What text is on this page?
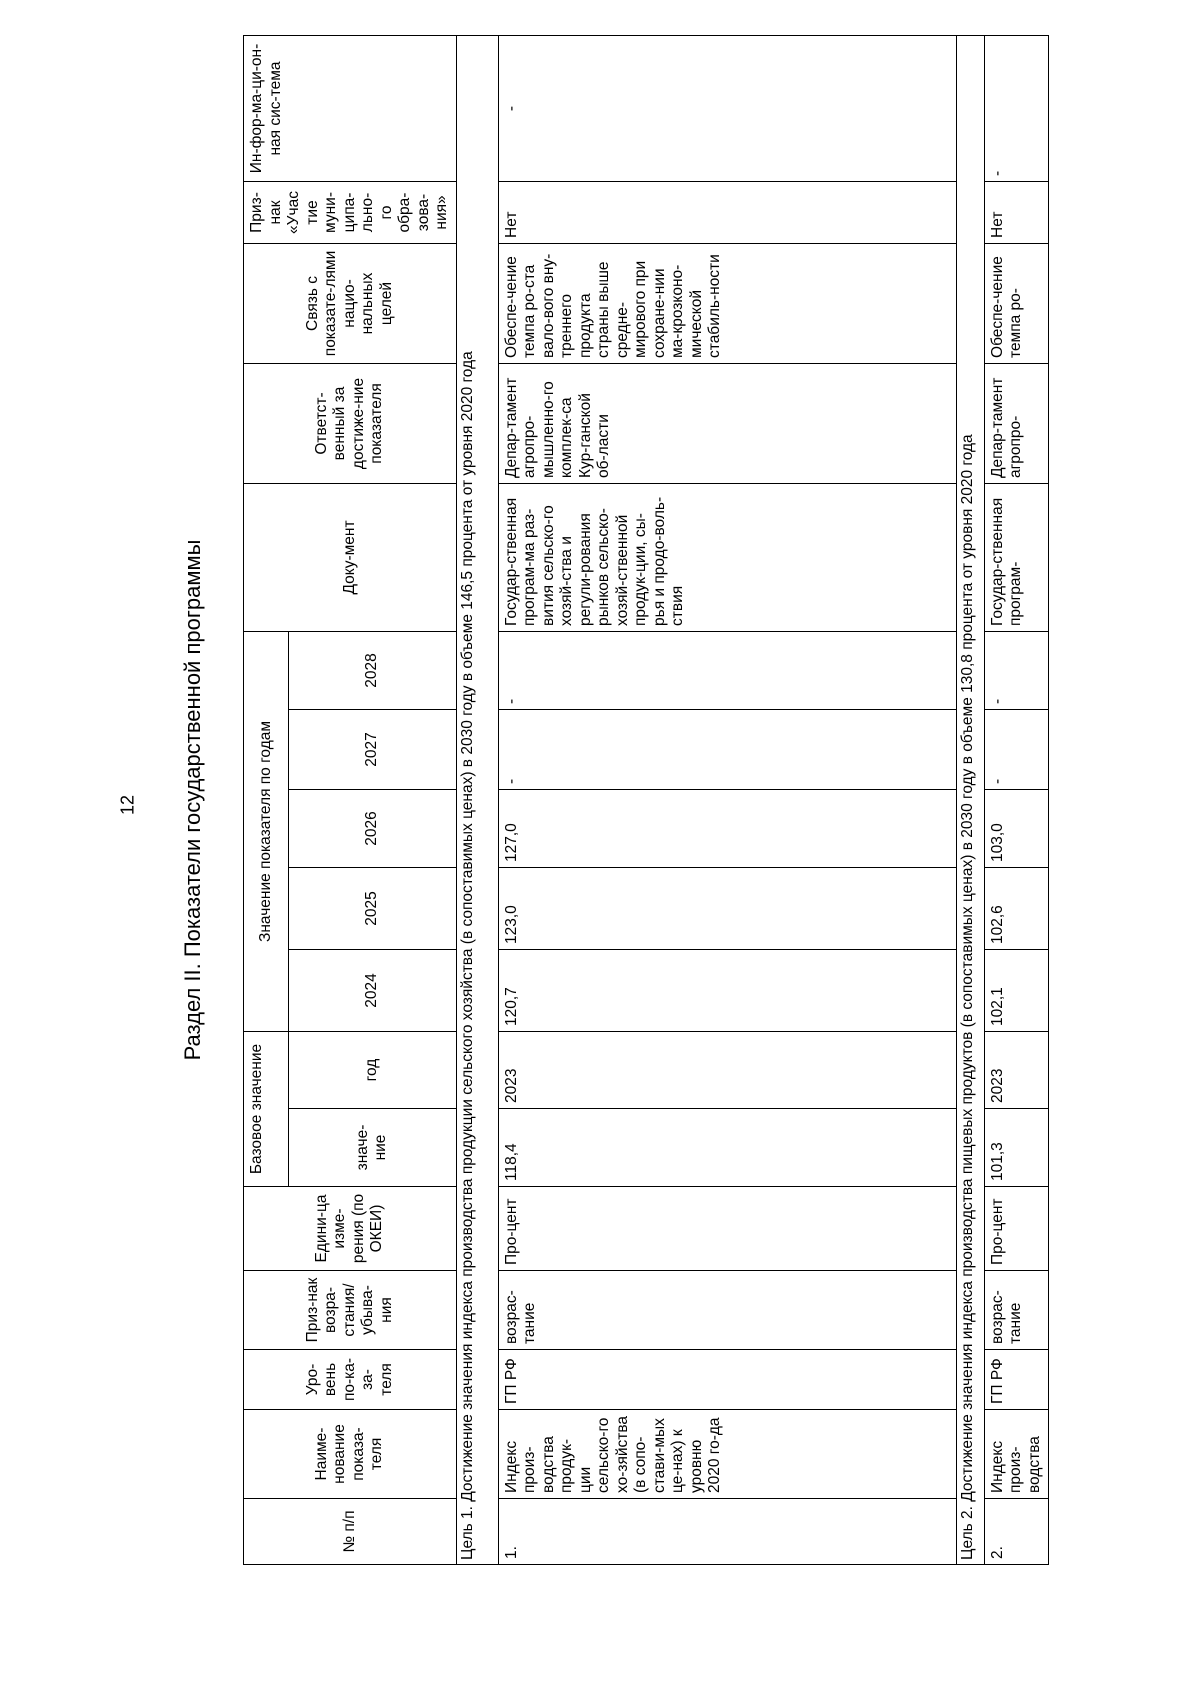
12 Раздел II. Показатели государственной программы
№ п/п	Наиме-нование показа-теля	Уро-вень по-ка-за-теля	Приз-нак возра-стания/ убыва-ния	Едини-ца изме-рения (по ОКЕИ)	Базовое значение		Значение показателя по годам					Доку-мент	Ответст-венный за достиже-ние показателя	Связь с показате-лями нацио-нальных целей	Приз-нак «Учас тие муни-ципа-льно-го обра-зова-ния»	Ин-фор-ма-ци-он-ная сис-тема
					значе-ние	год	2024	2025	2026	2027	2028					
Цель 1. Достижение значения индекса производства продукции сельского хозяйства (в сопоставимых ценах) в 2030 году в объеме 146,5 процента от уровня 2020 года																
1.	Индекс произ-водства продук-ции сельско-го хо-зяйства (в сопо-стави-мых це-нах) к уровню 2020 го-да	ГП РФ	возрас-тание	Про-цент	118,4	2023	120,7	123,0	127,0	-	-	Государ-ственная програм-ма раз-вития сельско-го хозяй-ства и регули-рования рынков сельско-хозяй-ственной продук-ции, сы-рья и продо-воль-ствия	Депар-тамент агропро-мышленно-го комплек-са Кур-ганской об-ласти	Обеспе-чение темпа ро-ста вало-вого вну-треннего продукта страны выше средне-мирового при сохране-нии ма-крозконо-мической стабиль-ности	Нет	-
Цель 2. Достижение значения индекса производства пищевых продуктов (в сопоставимых ценах) в 2030 году в объеме 130,8 процента от уровня 2020 года																
2.	Индекс произ-водства	ГП РФ	возрас-тание	Про-цент	101,3	2023	102,1	102,6	103,0	-	-	Государ-ственная програм-	Депар-тамент агропро-	Обеспе-чение темпа ро-	Нет	-
